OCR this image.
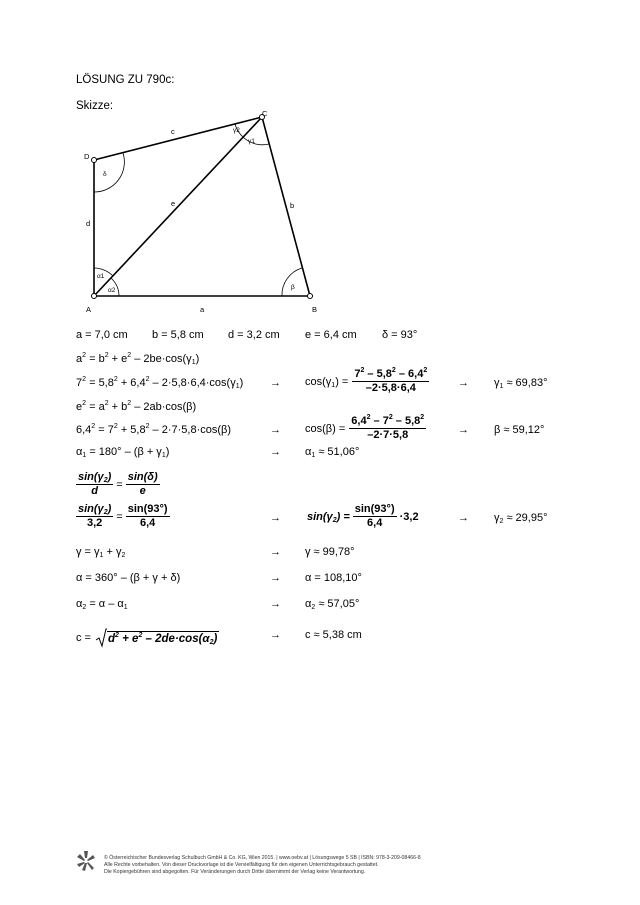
LÖSUNG ZU 790c:
Skizze:
A	B
C
D
a
b
c
d
e
α1
α2	β
δ
γ1
γ2
a = 7,0 cm b = 5,8 cm d = 3,2 cm e = 6,4 cm δ = 93°
$a^2 = b^2 + e^2 - 2be\cdot\cos(\gamma_1)$
$7^2 = 5,8^2 + 6,4^2 - 2\cdot 5,8\cdot 6,4\cdot\cos(\gamma_1) \to \cos(\gamma_1) = \frac{7^2 - 5,8^2 - 6,4^2}{-2\cdot 5,8\cdot 6,4}$	→ $\gamma_1 \approx 69,83^\circ$
$e^2 = a^2 + b^2 - 2ab\cdot\cos(\beta)$
$6,4^2 = 7^2 + 5,8^2 - 2\cdot 7\cdot 5,8\cdot\cos(\beta)$	→ $\cos(\beta) = \frac{6,4^2 - 7^2 - 5,8^2}{-2\cdot 7\cdot 5,8}$	→ β ≈ 59,12°
$\alpha_1 = 180^\circ - (\beta + \gamma_1)$	→ $\alpha_1 \approx 51,06^\circ$
$\frac{\sin(\gamma_2)}{d} = \frac{\sin(\delta)}{e}$
$\frac{\sin(\gamma_2)}{3,2} = \frac{\sin(93^\circ)}{6,4}$	→ $\sin(\gamma_2) = \frac{\sin(93^\circ)}{6,4} \cdot 3,2$	→ $\gamma_2 \approx 29,95^\circ$
$\gamma = \gamma_1 + \gamma_2$	→ γ ≈ 99,78°
α = 360° – (β + γ + δ)	→ α = 108,10°
$\alpha_2 = \alpha - \alpha_1$	→ $\alpha_2 \approx 57,05^\circ$
$c = d^2 + e^2 - 2de\cdot\cos(\alpha_2)$	→ c ≈ 5,38 cm
© Österreichischer Bundesverlag Schulbuch GmbH & Co. KG, Wien 2015. | www.oebv.at | Lösungswege 5 SB | ISBN: 978-3-209-08466-8
Alle Rechte vorbehalten. Von dieser Druckvorlage ist die Vervielfältigung für den eigenen Unterrichtsgebrauch gestattet.
Die Kopiergebühren sind abgegolten. Für Veränderungen durch Dritte übernimmt der Verlag keine Verantwortung.
